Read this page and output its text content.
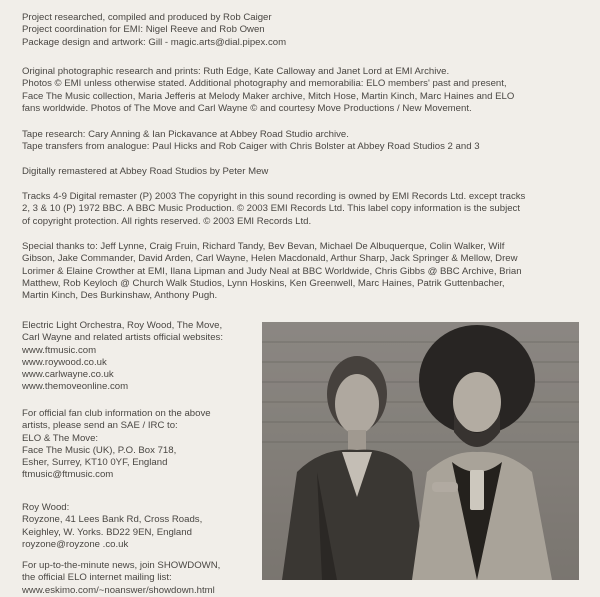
Project researched, compiled and produced by Rob Caiger

Project coordination for EMI: Nigel Reeve and Rob Owen

Package design and artwork: Gill - magic.arts@dial.pipex.com

Original photographic research and prints: Ruth Edge, Kate Calloway and Janet Lord at EMI Archive.

Photos © EMI unless otherwise stated. Additional photography and memorabilia: ELO members' past and present,

Face The Music collection, Maria Jefferis at Melody Maker archive, Mitch Hose, Martin Kinch, Marc Haines and ELO

fans worldwide. Photos of The Move and Carl Wayne © and courtesy Move Productions / New Movement.

Tape research: Cary Anning & Ian Pickavance at Abbey Road Studio archive.

Tape transfers from analogue: Paul Hicks and Rob Caiger with Chris Bolster at Abbey Road Studios 2 and 3

Digitally remastered at Abbey Road Studios by Peter Mew

Tracks 4-9 Digital remaster (P) 2003 The copyright in this sound recording is owned by EMI Records Ltd. except tracks

2, 3 & 10 (P) 1972 BBC. A BBC Music Production. © 2003 EMI Records Ltd. This label copy information is the subject

of copyright protection. All rights reserved. © 2003 EMI Records Ltd.

Special thanks to: Jeff Lynne, Craig Fruin, Richard Tandy, Bev Bevan, Michael De Albuquerque, Colin Walker, Wilf

Gibson, Jake Commander, David Arden, Carl Wayne, Helen Macdonald, Arthur Sharp, Jack Springer & Mellow, Drew

Lorimer & Elaine Crowther at EMI, Ilana Lipman and Judy Neal at BBC Worldwide, Chris Gibbs @ BBC Archive, Brian

Matthew, Rob Keyloch @ Church Walk Studios, Lynn Hoskins, Ken Greenwell, Marc Haines, Patrik Guttenbacher,

Martin Kinch, Des Burkinshaw, Anthony Pugh.

Electric Light Orchestra, Roy Wood, The Move,

Carl Wayne and related artists official websites:

www.ftmusic.com

www.roywood.co.uk

www.carlwayne.co.uk

www.themoveonline.com

For official fan club information on the above

artists, please send an SAE / IRC to:

ELO & The Move:

Face The Music (UK), P.O. Box 718,

Esher, Surrey, KT10 0YF, England

ftmusic@ftmusic.com

Roy Wood:

Royzone, 41 Lees Bank Rd, Cross Roads,

Keighley, W. Yorks. BD22 9EN, England

royzone@royzone .co.uk

For up-to-the-minute news, join SHOWDOWN,

the official ELO internet mailing list:

www.eskimo.com/~noanswer/showdown.html
